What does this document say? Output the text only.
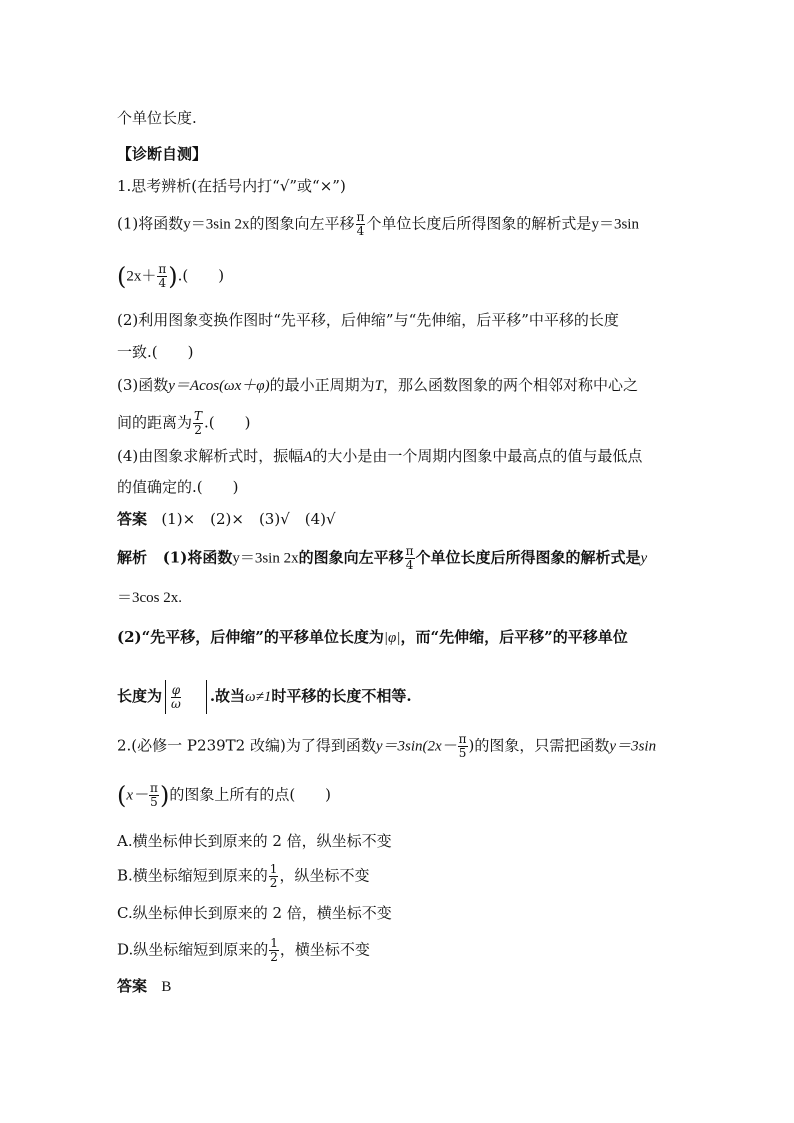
个单位长度.
【诊断自测】
1.思考辨析(在括号内打“√”或“×”)
(1)将函数y＝3sin 2x的图象向左平移 $\frac{\pi}{4}$ 个单位长度后所得图象的解析式是y＝3sin
($2x+ \frac{\pi}{4}$ ).(　　)
(2)利用图象变换作图时“先平移，后伸缩”与“先伸缩，后平移”中平移的长度
一致.(　　)
(3)函数y＝Acos(ωx＋φ)的最小正周期为T，那么函数图象的两个相邻对称中心之
间的距离为 $\frac{T}{2}$ .(　　)
(4)由图象求解析式时，振幅A的大小是由一个周期内图象中最高点的值与最低点
的值确定的.(　　)
答案 (1)×　(2)×　(3)√　(4)√
解析 (1)将函数y＝3sin 2x的图象向左平移 $\frac{\pi}{4}$ 个单位长度后所得图象的解析式是y
＝3cos 2x.
(2)“先平移，后伸缩”的平移单位长度为|φ|，而“先伸缩，后平移”的平移单位
长度为 $\frac{\varphi}{\omega}$ .故当ω≠1时平移的长度不相等.
2.(必修一 P239T2 改编)为了得到函数$y=3\sin(2x- \frac{\pi}{5}$ )的图象，只需把函数y＝3sin
($x- \frac{\pi}{5}$ )的图象上所有的点(　　)
A.横坐标伸长到原来的 2 倍，纵坐标不变
B.横坐标缩短到原来的 $\frac{1}{2}$ ，纵坐标不变
C.纵坐标伸长到原来的 2 倍，横坐标不变
D.纵坐标缩短到原来的 $\frac{1}{2}$ ，横坐标不变
答案 B
